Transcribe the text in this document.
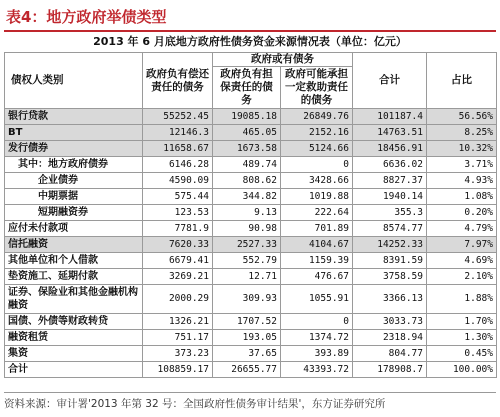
表4：地方政府举债类型
2013 年 6 月底地方政府性债务资金来源情况表（单位：亿元）
债权人类别	政府负有偿还责任的债务	政府或有债务		合计	占比
		政府负有担保责任的债务	政府可能承担一定救助责任的债务		
银行贷款	55252.45	19085.18	26849.76	101187.4	56.56%
BT	12146.3	465.05	2152.16	14763.51	8.25%
发行债券	11658.67	1673.58	5124.66	18456.91	10.32%
其中：地方政府债券	6146.28	489.74	0	6636.02	3.71%
企业债券	4590.09	808.62	3428.66	8827.37	4.93%
中期票据	575.44	344.82	1019.88	1940.14	1.08%
短期融资券	123.53	9.13	222.64	355.3	0.20%
应付未付款项	7781.9	90.98	701.89	8574.77	4.79%
信托融资	7620.33	2527.33	4104.67	14252.33	7.97%
其他单位和个人借款	6679.41	552.79	1159.39	8391.59	4.69%
垫资施工、延期付款	3269.21	12.71	476.67	3758.59	2.10%
证券、保险业和其他金融机构融资	2000.29	309.93	1055.91	3366.13	1.88%
国债、外债等财政转贷	1326.21	1707.52	0	3033.73	1.70%
融资租赁	751.17	193.05	1374.72	2318.94	1.30%
集资	373.23	37.65	393.89	804.77	0.45%
合计	108859.17	26655.77	43393.72	178908.7	100.00%
资料来源：审计署'2013 年第 32 号：全国政府性债务审计结果'，东方证券研究所
